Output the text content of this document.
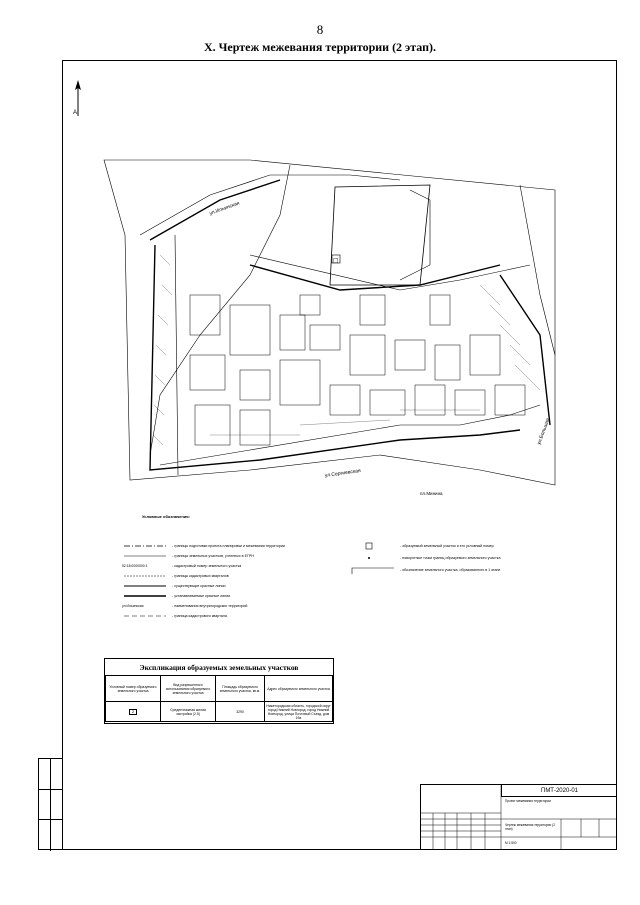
8
X. Чертеж межевания территории (2 этап).
A
□
ул.Сергиевская
ул.Большая
ул.Ильинская
пл.Минина
Условные обозначения:
- границы подготовки проекта планировки и межевания территории
- границы земельных участков, учтенных в ЕГРН
52:18:0000000:1	- кадастровый номер земельного участка
- границы кадастровых кварталов
- существующие красные линии
- устанавливаемые красные линии
ул.Ильинская	- наименования внутригородских территорий
- граница кадастрового квартала
- образуемый земельный участок и его условный номер
- поворотные точки границ образуемого земельного участка
- обозначение земельного участка, образованного в 1 этапе
Экспликация образуемых земельных участков
Условный номер образуемого земельного участка	Вид разрешенного использования образуемого земельного участка	Площадь образуемого земельного участка, кв.м.	Адрес образуемого земельного участка
2	Среднеэтажная жилая застройка (2.5)	3290	Нижегородская область, городской округ город Нижний Новгород, город Нижний Новгород, улица Почтовый Съезд, дом 19а
ПМТ-2020-01
Проект межевания территории
Чертеж межевания территории (2 этап)
М 1:500
